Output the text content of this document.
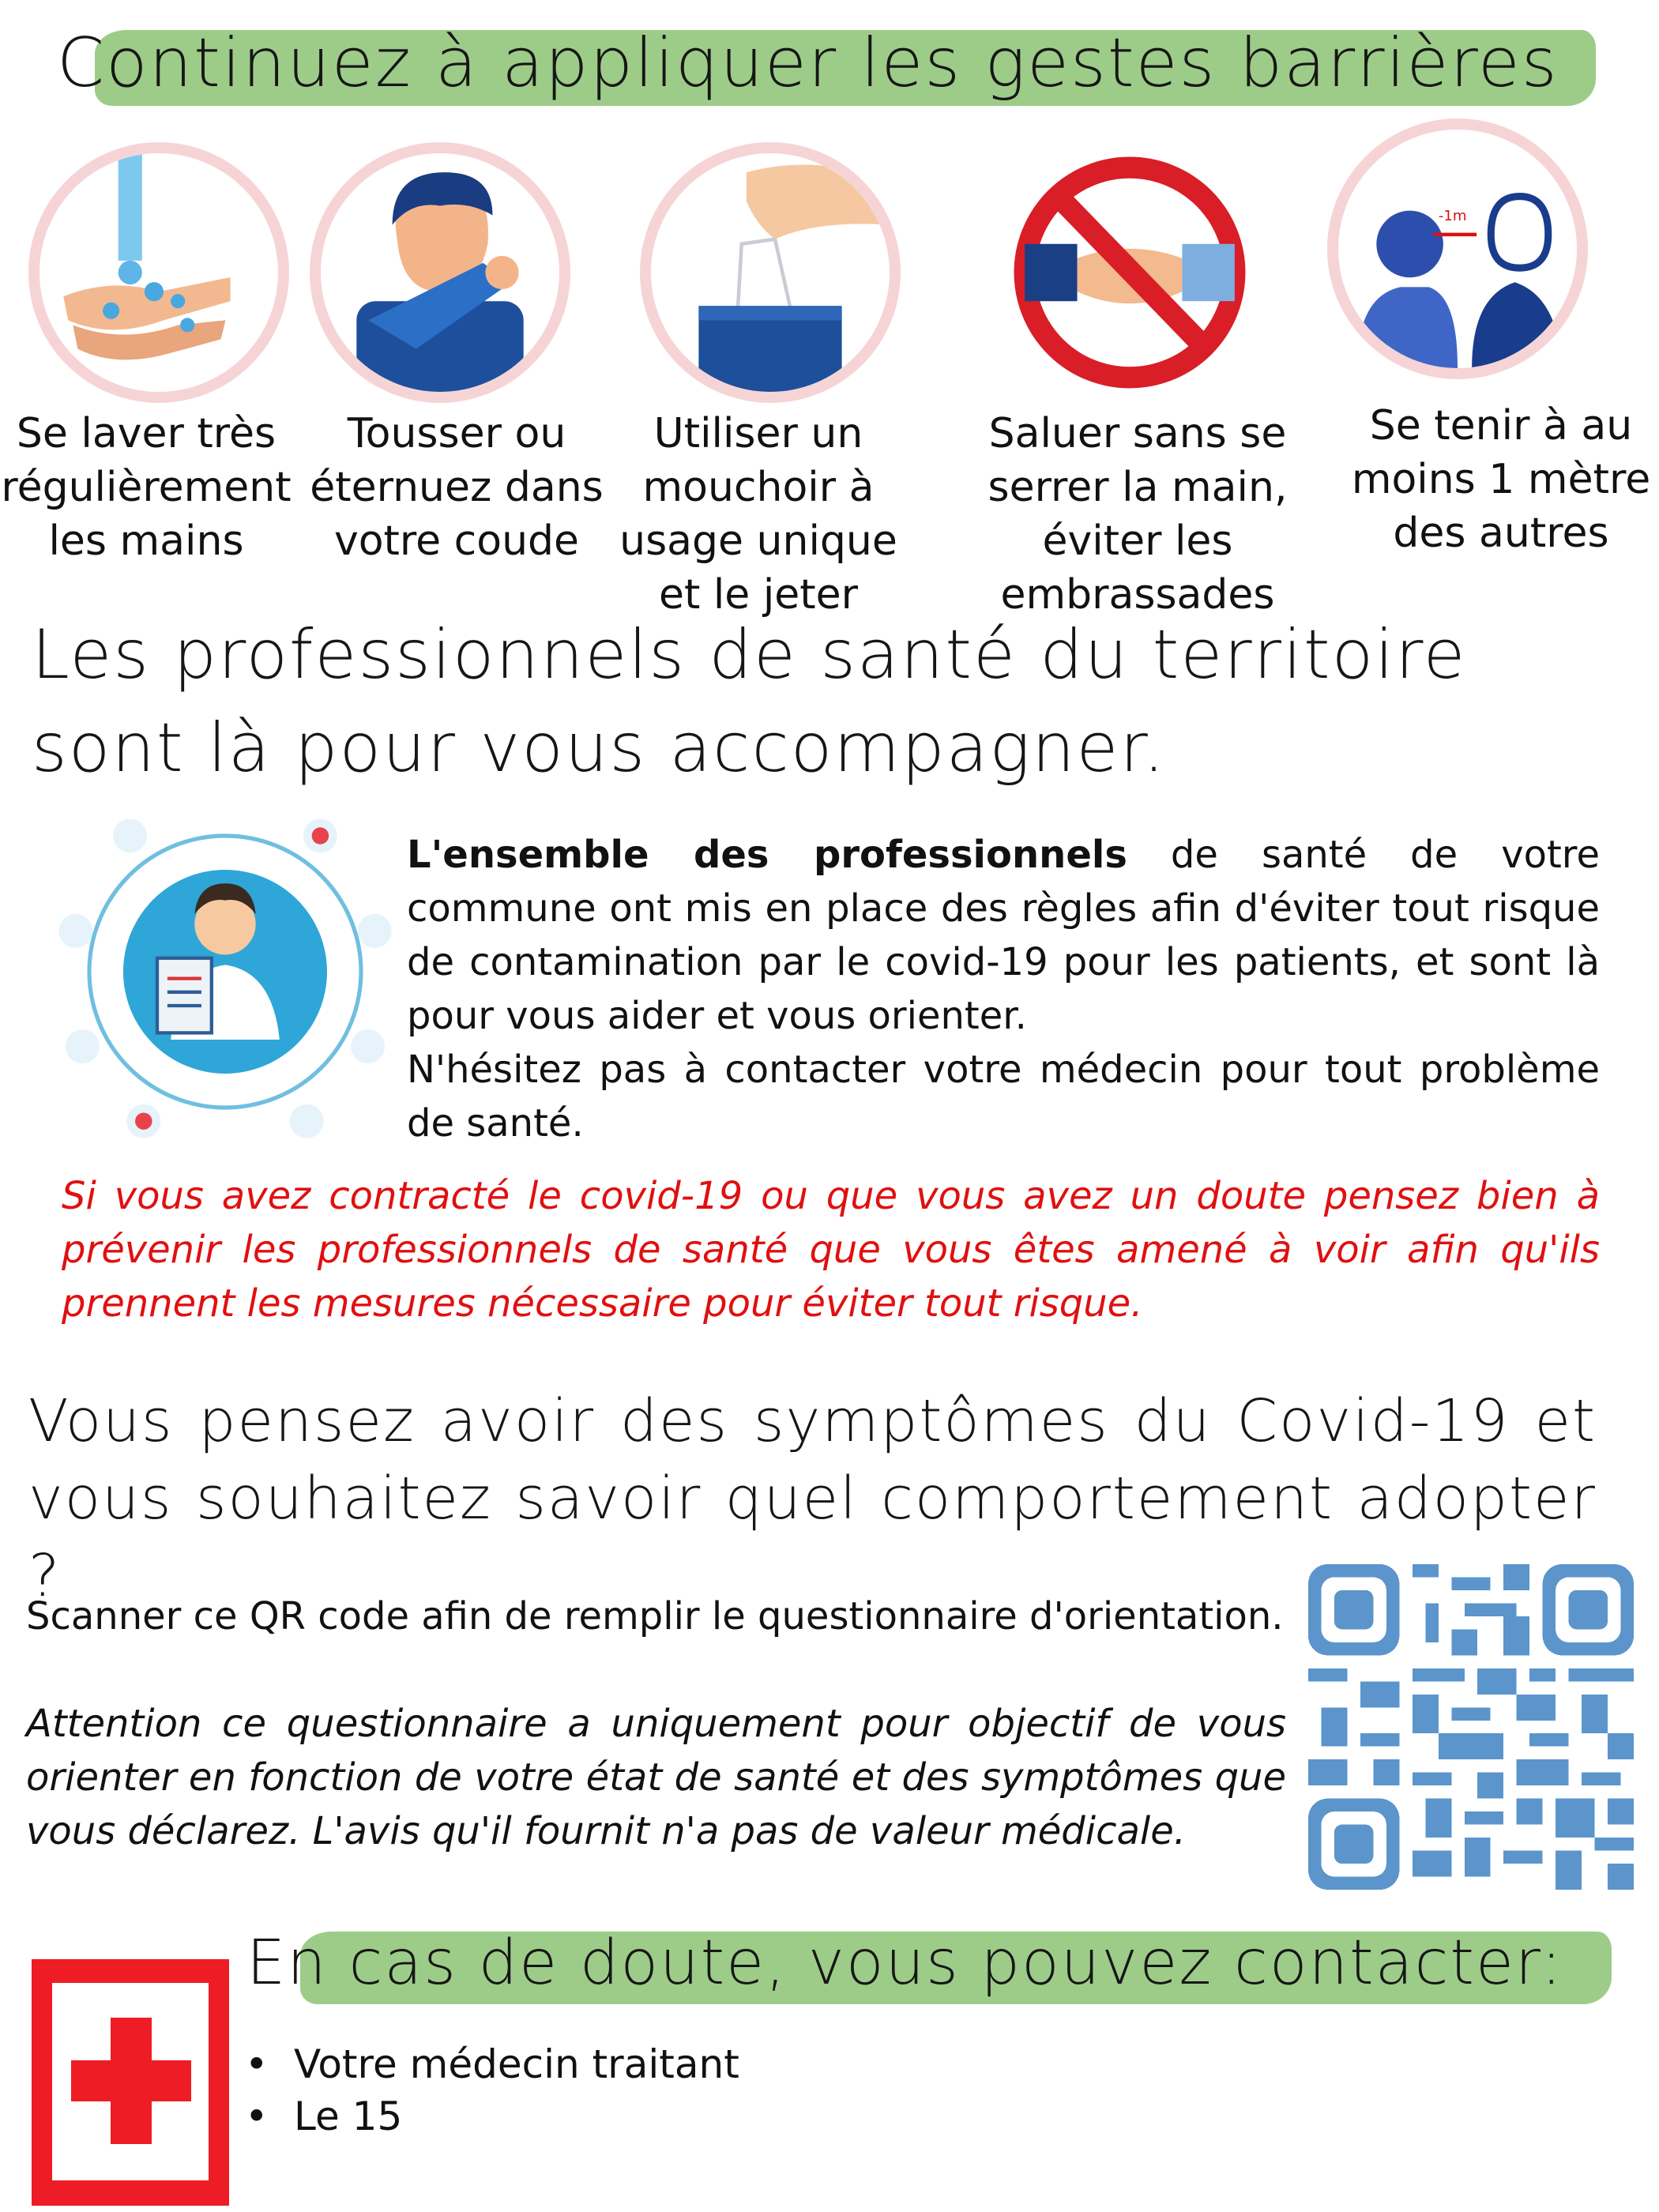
Continuez à appliquer les gestes barrières
-1m
Se laver très régulièrement les mains
Tousser ou éternuez dans votre coude
Utiliser un mouchoir à usage unique et le jeter
Saluer sans se serrer la main, éviter les embrassades
Se tenir à au moins 1 mètre des autres
Les professionnels de santé du territoire
sont là pour vous accompagner.
L'ensemble des professionnels de santé de votre commune ont mis en place des règles afin d'éviter tout risque de contamination par le covid-19 pour les patients, et sont là pour vous aider et vous orienter.
N'hésitez pas à contacter votre médecin pour tout problème de santé.
Si vous avez contracté le covid-19 ou que vous avez un doute pensez bien à prévenir les professionnels de santé que vous êtes amené à voir afin qu'ils prennent les mesures nécessaire pour éviter tout risque.
Vous pensez avoir des symptômes du Covid-19 et
vous souhaitez savoir quel comportement adopter ?
Scanner ce QR code afin de remplir le questionnaire d'orientation.
Attention ce questionnaire a uniquement pour objectif de vous orienter en fonction de votre état de santé et des symptômes que vous déclarez. L'avis qu'il fournit n'a pas de valeur médicale.
En cas de doute, vous pouvez contacter:
• Votre médecin traitant
• Le 15
